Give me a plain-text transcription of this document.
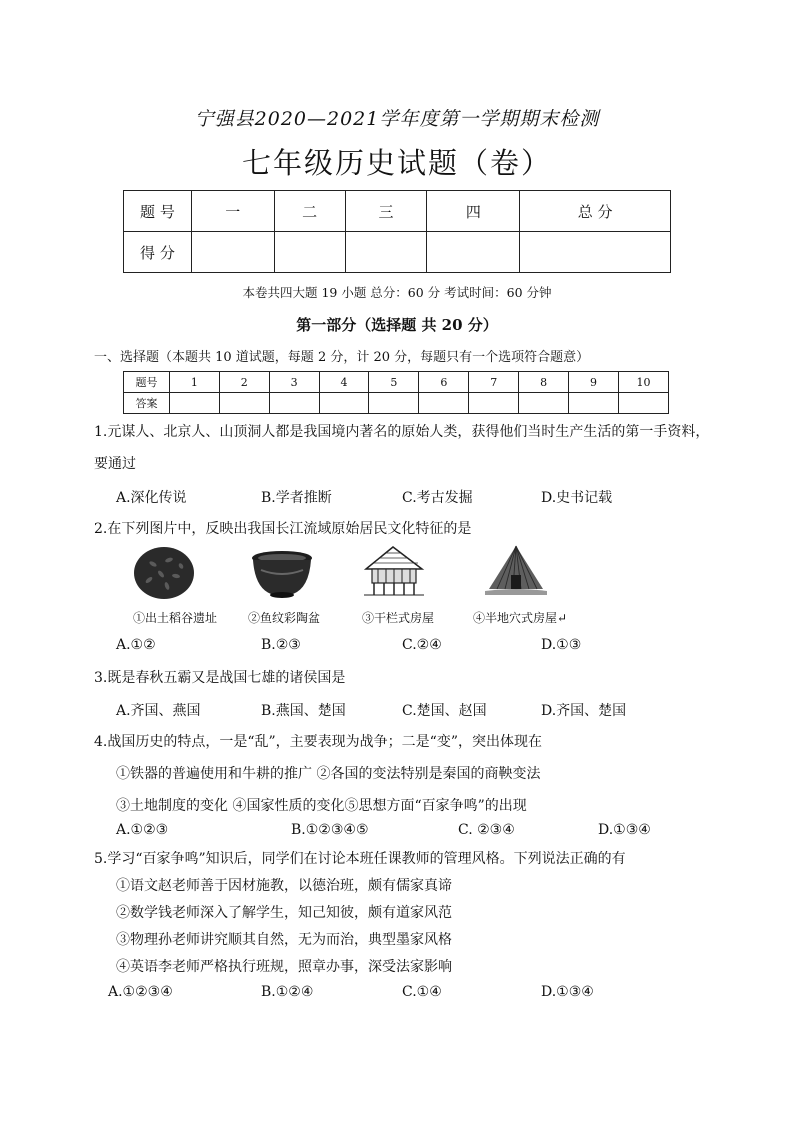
宁强县2020—2021学年度第一学期期末检测
七年级历史试题（卷）
题 号	一	二	三	四	总 分
得 分					
本卷共四大题 19 小题 总分：60 分 考试时间：60 分钟
第一部分（选择题 共 20 分）
一、选择题（本题共 10 道试题，每题 2 分，计 20 分，每题只有一个选项符合题意）
题号	1	2	3	4	5	6	7	8	9	10
答案										
1.元谋人、北京人、山顶洞人都是我国境内著名的原始人类，获得他们当时生产生活的第一手资料，
要通过
A.深化传说	B.学者推断	C.考古发掘	D.史书记载
2.在下列图片中，反映出我国长江流域原始居民文化特征的是
①出土稻谷遗址	②鱼纹彩陶盆	③干栏式房屋	④半地穴式房屋↵
A.①②	B.②③	C.②④	D.①③
3.既是春秋五霸又是战国七雄的诸侯国是
A.齐国、燕国	B.燕国、楚国	C.楚国、赵国	D.齐国、楚国
4.战国历史的特点，一是“乱”，主要表现为战争；二是“变”，突出体现在
①铁器的普遍使用和牛耕的推广 ②各国的变法特别是秦国的商鞅变法
③土地制度的变化 ④国家性质的变化⑤思想方面“百家争鸣”的出现
A.①②③	B.①②③④⑤	C. ②③④	D.①③④
5.学习“百家争鸣”知识后，同学们在讨论本班任课教师的管理风格。下列说法正确的有
①语文赵老师善于因材施教，以德治班，颇有儒家真谛
②数学钱老师深入了解学生，知己知彼，颇有道家风范
③物理孙老师讲究顺其自然，无为而治，典型墨家风格
④英语李老师严格执行班规，照章办事，深受法家影响
A.①②③④	B.①②④	C.①④	D.①③④
